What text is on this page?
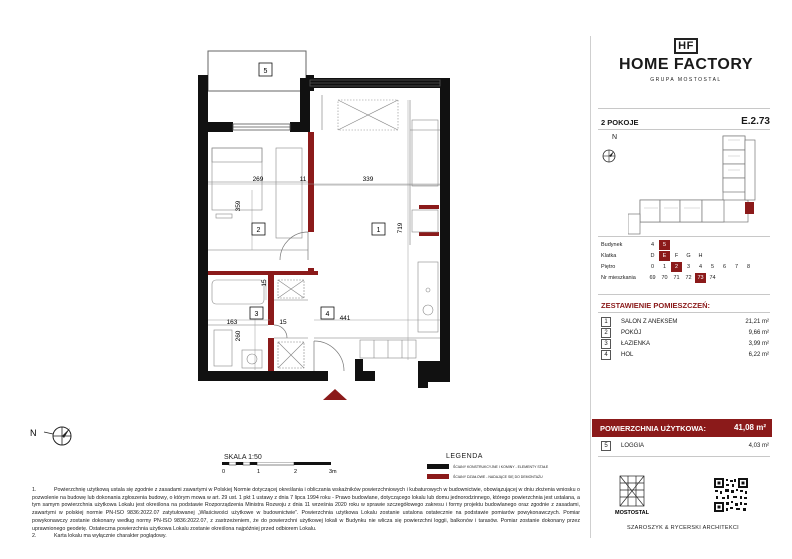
5
1
2
3	4
269	11	339
359
719
15
163	15
260
441
N
SKALA 1:50
0	1	2	3m
LEGENDA
ŚCIANY KONSTRUKCYJNE I KOMINY - ELEMENTY STAŁE
ŚCIANY DZIAŁOWE - NADAJĄCE SIĘ DO DEMONTAŻU

1.	Powierzchnię użytkową ustala się zgodnie z zasadami zawartymi w Polskiej Normie dotyczącej określania i obliczania wskaźników powierzchniowych i kubaturowych w budownictwie, obowiązującej w dniu złożenia wniosku o pozwolenie na budowę lub dokonania zgłoszenia budowy, o którym mowa w art. 29 ust. 1 pkt 1 ustawy z dnia 7 lipca 1994 roku - Prawo budowlane, dotyczącego lokalu lub domu jednorodzinnego, którego powierzchnia jest ustalana, a tym samym powierzchnia użytkowa Lokalu jest określona na podstawie Rozporządzenia Ministra Rozwoju z dnia 11 września 2020 roku w sprawie szczegółowego zakresu i formy projektu budowlanego oraz zgodnie z zasadami, zawartymi w polskiej normie PN-ISO 9836:2022.07 zatytułowanej „Właściwości użytkowe w budownictwie”. Powierzchnia użytkowa Lokalu zostanie ustalona ostatecznie na podstawie pomiarów powykonawczych. Pomiar powykonawczy zostanie dokonany według normy PN-ISO 9836:2022.07, z zastrzeżeniem, że do powierzchni użytkowej lokali w Budynku nie wlicza się powierzchni loggii, balkonów i tarasów. Pomiar zostanie dokonany przez uprawnionego geodetę. Ostateczna powierzchnia użytkowa Lokalu zostanie określona najpóźniej przed odbiorem Lokalu.

2.	Karta lokalu ma wyłącznie charakter poglądowy.

HF
HOME FACTORY
GRUPA MOSTOSTAL
2 POKOJE	E.2.73
N
Budynek	4	5
Klatka	D	E	F	G	H
Piętro	0	1	2	3	4	5	6	7	8
Nr mieszkania	69	70	71	72	73	74
ZESTAWIENIE POMIESZCZEŃ:
1	SALON Z ANEKSEM	21,21 m²
2	POKÓJ	9,66 m²
3	ŁAZIENKA	3,99 m²
4	HOL	6,22 m²
POWIERZCHNIA UŻYTKOWA:	41,08 m²
5	LOGGIA	4,03 m²
MOSTOSTAL
SZAROSZYK & RYCERSKI ARCHITEKCI
